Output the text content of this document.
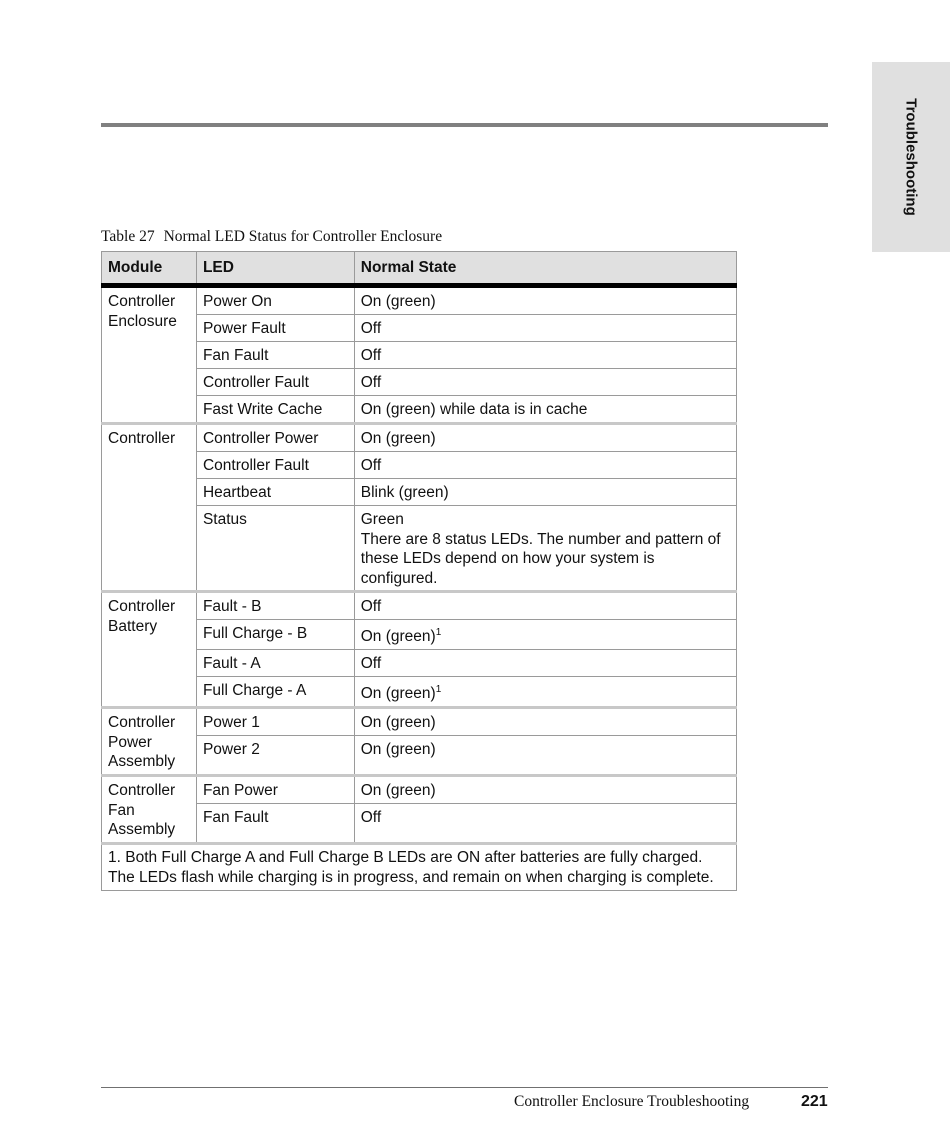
Troubleshooting
Table 27 Normal LED Status for Controller Enclosure
Module	LED	Normal State
Controller Enclosure	Power On	On (green)
	Power Fault	Off
	Fan Fault	Off
	Controller Fault	Off
	Fast Write Cache	On (green) while data is in cache
Controller	Controller Power	On (green)
	Controller Fault	Off
	Heartbeat	Blink (green)
	Status	Green
There are 8 status LEDs. The number and pattern of these LEDs depend on how your system is configured.

Controller Battery	Fault - B	Off
	Full Charge - B	On (green)$^1$
	Fault - A	Off
	Full Charge - A	On (green)$^1$
Controller Power Assembly	Power 1	On (green)
	Power 2	On (green)
Controller Fan Assembly	Fan Power	On (green)
	Fan Fault	Off
1. Both Full Charge A and Full Charge B LEDs are ON after batteries are fully charged. The LEDs flash while charging is in progress, and remain on when charging is complete.		
Controller Enclosure Troubleshooting	221
